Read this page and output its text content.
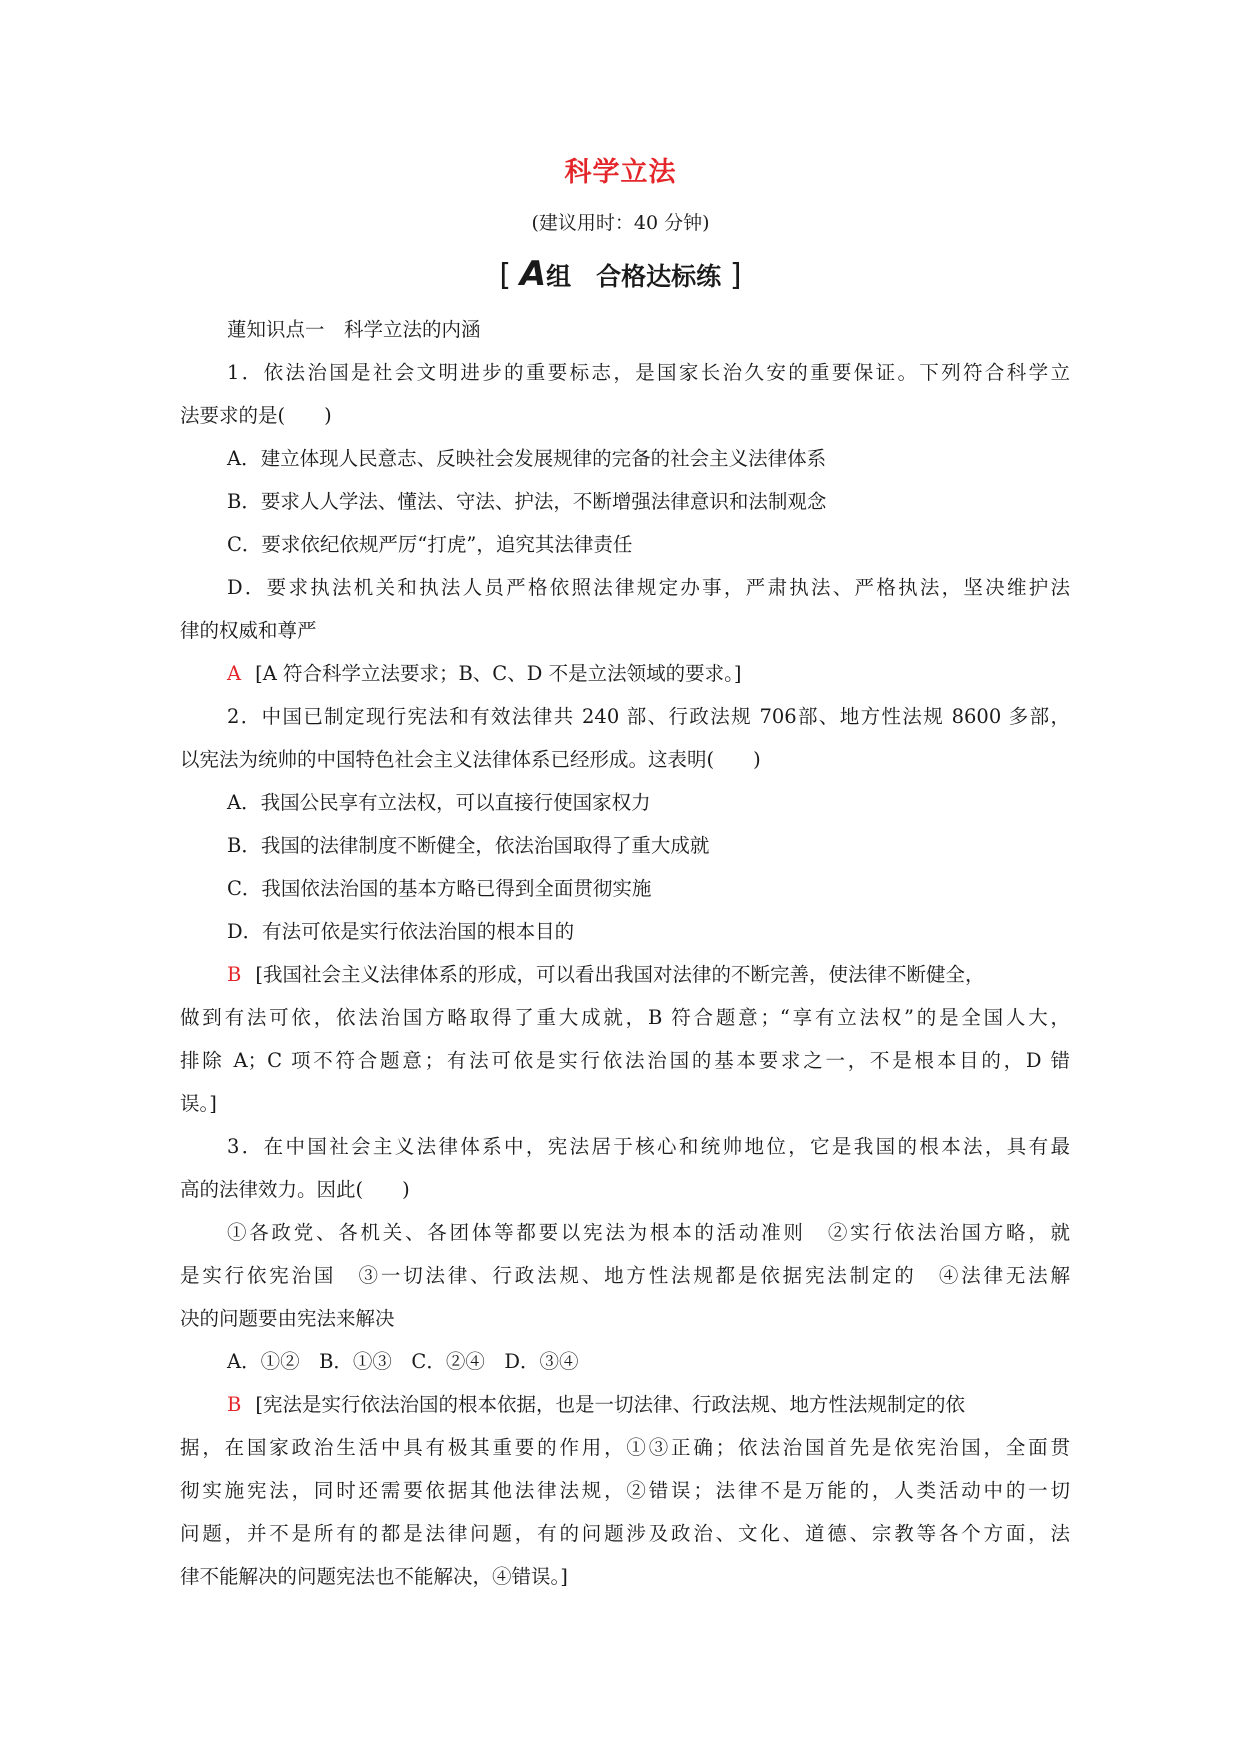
科学立法
(建议用时：40 分钟)
[ A组　合格达标练 ]
蓮知识点一　科学立法的内涵
1．依法治国是社会文明进步的重要标志，是国家长治久安的重要保证。下列符合科学立
法要求的是(　　)
A．建立体现人民意志、反映社会发展规律的完备的社会主义法律体系
B．要求人人学法、懂法、守法、护法，不断增强法律意识和法制观念
C．要求依纪依规严厉“打虎”，追究其法律责任
D．要求执法机关和执法人员严格依照法律规定办事，严肃执法、严格执法，坚决维护法
律的权威和尊严
A [A 符合科学立法要求；B、C、D 不是立法领域的要求。]
2．中国已制定现行宪法和有效法律共 240 部、行政法规 706部、地方性法规 8600 多部，
以宪法为统帅的中国特色社会主义法律体系已经形成。这表明(　　)
A．我国公民享有立法权，可以直接行使国家权力
B．我国的法律制度不断健全，依法治国取得了重大成就
C．我国依法治国的基本方略已得到全面贯彻实施
D．有法可依是实行依法治国的根本目的
B [我国社会主义法律体系的形成，可以看出我国对法律的不断完善，使法律不断健全，
做到有法可依，依法治国方略取得了重大成就，B 符合题意；“享有立法权”的是全国人大，
排除 A；C 项不符合题意；有法可依是实行依法治国的基本要求之一，不是根本目的，D 错
误。]
3．在中国社会主义法律体系中，宪法居于核心和统帅地位，它是我国的根本法，具有最
高的法律效力。因此(　　)
①各政党、各机关、各团体等都要以宪法为根本的活动准则　②实行依法治国方略，就
是实行依宪治国　③一切法律、行政法规、地方性法规都是依据宪法制定的　④法律无法解
决的问题要由宪法来解决
A．①②　B．①③　C．②④　D．③④
B [宪法是实行依法治国的根本依据，也是一切法律、行政法规、地方性法规制定的依
据，在国家政治生活中具有极其重要的作用，①③正确；依法治国首先是依宪治国，全面贯
彻实施宪法，同时还需要依据其他法律法规，②错误；法律不是万能的，人类活动中的一切
问题，并不是所有的都是法律问题，有的问题涉及政治、文化、道德、宗教等各个方面，法
律不能解决的问题宪法也不能解决，④错误。]
